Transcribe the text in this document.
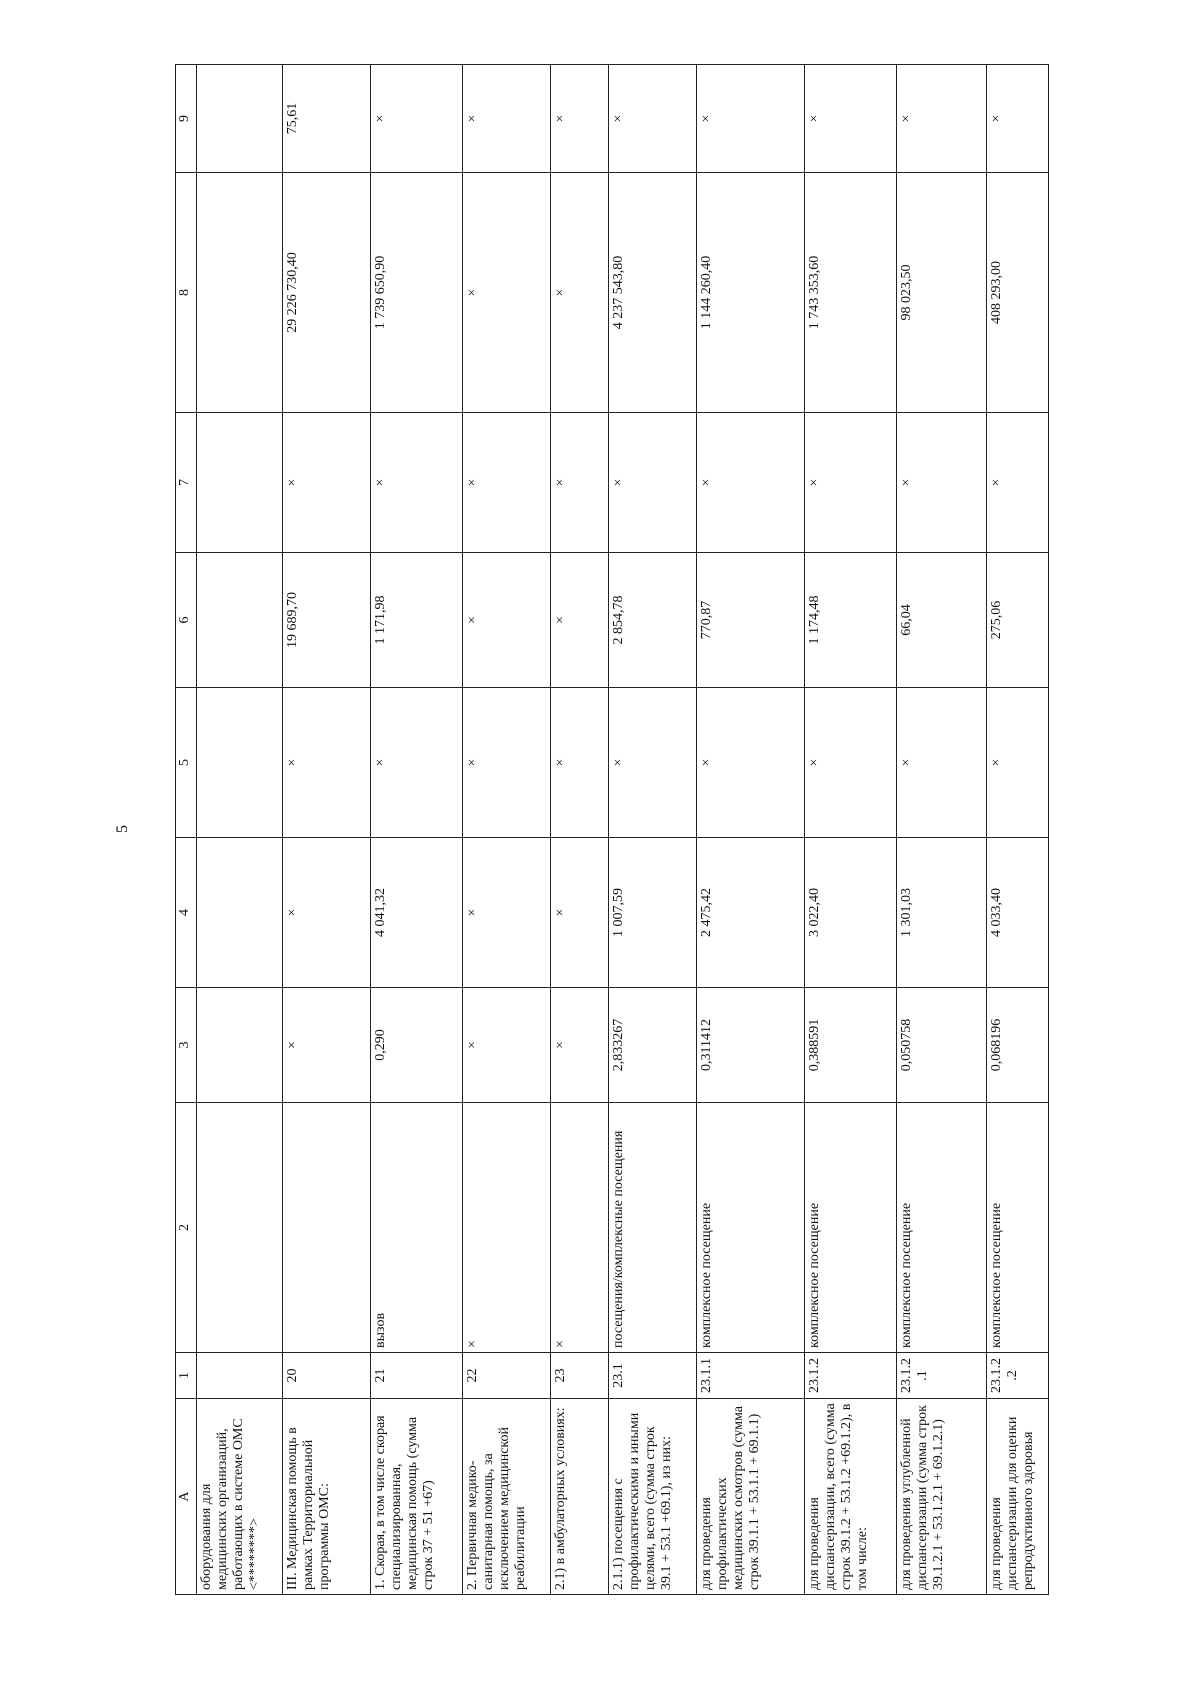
5
A	1	2	3	4	5	6	7	8	9
оборудования для медицинских организаций, работающих в системе ОМС <********>									
III. Медицинская помощь в рамках Территориальной программы ОМС:	20		×	×	×	19 689,70	×	29 226 730,40	75,61
1. Скорая, в том числе скорая специализированная, медицинская помощь (сумма строк 37 + 51 +67)	21	вызов	0,290	4 041,32	×	1 171,98	×	1 739 650,90	×
2. Первичная медико-санитарная помощь, за исключением медицинской реабилитации	22	×	×	×	×	×	×	×	×
2.1) в амбулаторных условиях:	23	×	×	×	×	×	×	×	×
2.1.1) посещения с профилактическими и иными целями, всего (сумма строк 39.1 + 53.1 +69.1), из них:	23.1	посещения/комплексные посещения	2,833267	1 007,59	×	2 854,78	×	4 237 543,80	×
для проведения профилактических медицинских осмотров (сумма строк 39.1.1 + 53.1.1 + 69.1.1)	23.1.1	комплексное посещение	0,311412	2 475,42	×	770,87	×	1 144 260,40	×
для проведения диспансеризации, всего (сумма строк 39.1.2 + 53.1.2 +69.1.2), в том числе:	23.1.2	комплексное посещение	0,388591	3 022,40	×	1 174,48	×	1 743 353,60	×
для проведения углубленной диспансеризации (сумма строк 39.1.2.1 + 53.1.2.1 + 69.1.2.1)	23.1.2.1	комплексное посещение	0,050758	1 301,03	×	66,04	×	98 023,50	×
для проведения диспансеризации для оценки репродуктивного здоровья	23.1.2.2	комплексное посещение	0,068196	4 033,40	×	275,06	×	408 293,00	×
